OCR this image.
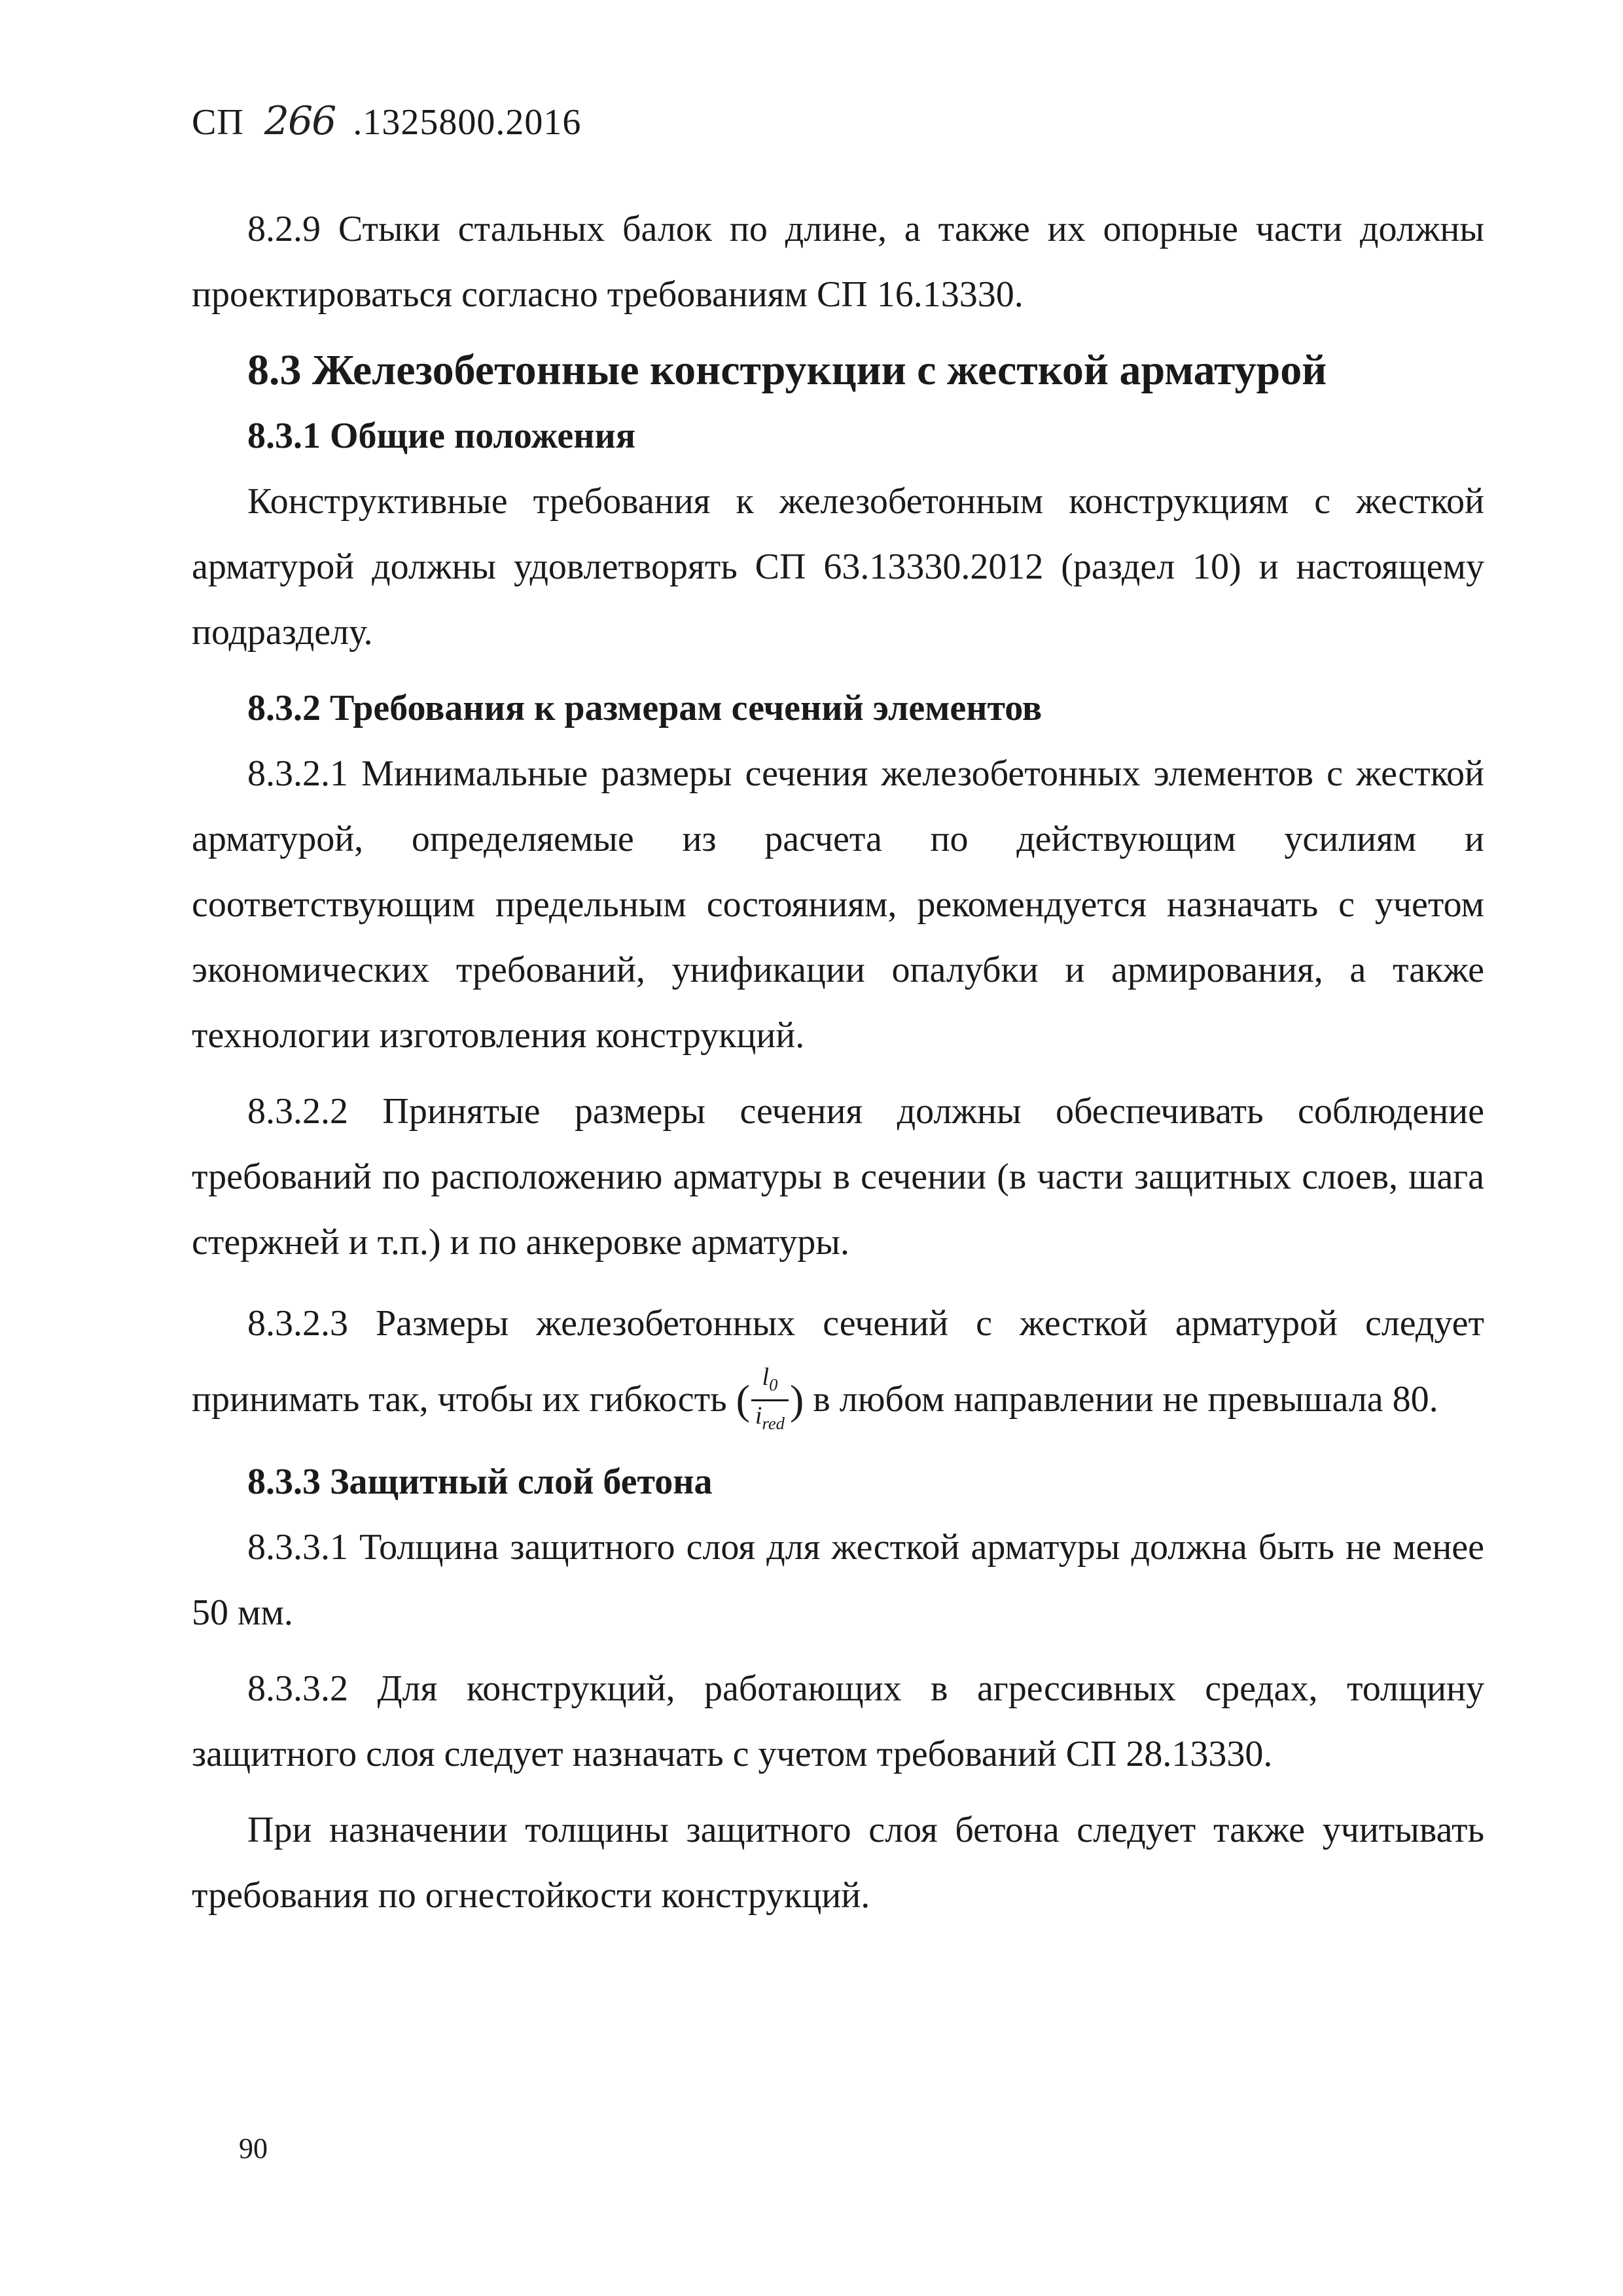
СП 266 .1325800.2016

8.2.9 Стыки стальных балок по длине, а также их опорные части должны проектироваться согласно требованиям СП 16.13330.

8.3 Железобетонные конструкции с жесткой арматурой
8.3.1 Общие положения

Конструктивные требования к железобетонным конструкциям с жесткой арматурой должны удовлетворять СП 63.13330.2012 (раздел 10) и настоящему подразделу.

8.3.2 Требования к размерам сечений элементов

8.3.2.1 Минимальные размеры сечения железобетонных элементов с жесткой арматурой, определяемые из расчета по действующим усилиям и соответствующим предельным состояниям, рекомендуется назначать с учетом экономических требований, унификации опалубки и армирования, а также технологии изготовления конструкций.

8.3.2.2 Принятые размеры сечения должны обеспечивать соблюдение требований по расположению арматуры в сечении (в части защитных слоев, шага стержней и т.п.) и по анкеровке арматуры.

8.3.2.3 Размеры железобетонных сечений с жесткой арматурой следует принимать так, чтобы их гибкость ( $\frac{l_0}{i_{red}}$ ) в любом направлении не превышала 80.

8.3.3 Защитный слой бетона

8.3.3.1 Толщина защитного слоя для жесткой арматуры должна быть не менее 50 мм.

8.3.3.2 Для конструкций, работающих в агрессивных средах, толщину защитного слоя следует назначать с учетом требований СП 28.13330.

При назначении толщины защитного слоя бетона следует также учитывать требования по огнестойкости конструкций.

90
